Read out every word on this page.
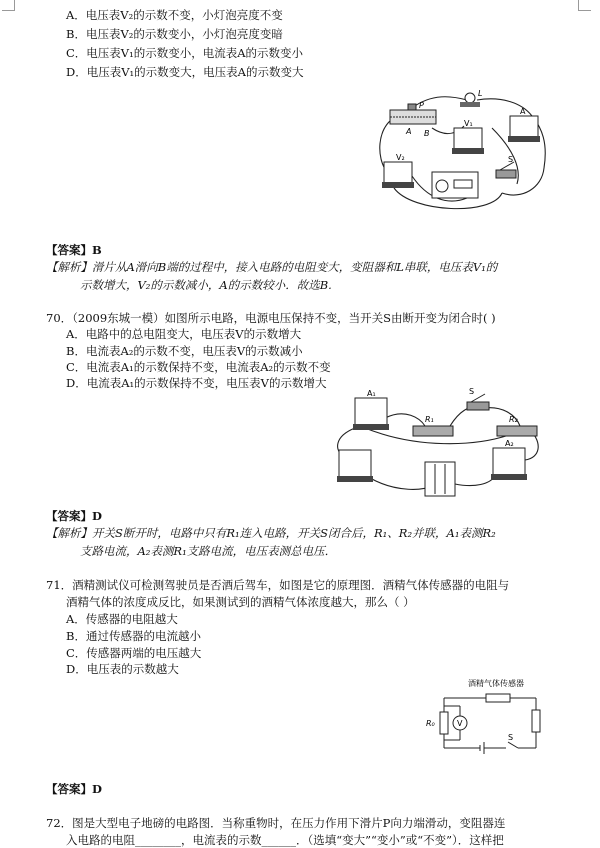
A．电压表V₂的示数不变，小灯泡亮度不变
B．电压表V₂的示数变小，小灯泡亮度变暗
C．电压表V₁的示数变小，电流表A的示数变小
D．电压表V₁的示数变大，电压表A的示数变大
P
A B
L
A
V₁
V₂	S
【答案】B
【解析】滑片从A滑向B端的过程中，接入电路的电阻变大，变阻器和L串联，电压表V₁的
示数增大，V₂的示数减小，A的示数较小．故选B.
70．（2009东城一模）如图所示电路，电源电压保持不变，当开关S由断开变为闭合时( )
A．电路中的总电阻变大，电压表V的示数增大
B．电流表A₂的示数不变，电压表V的示数减小
C．电流表A₁的示数保持不变，电流表A₂的示数不变
D．电流表A₁的示数保持不变，电压表V的示数增大
A₁
R₁
S
R₂
A₂
【答案】D
【解析】开关S断开时，电路中只有R₁连入电路，开关S闭合后，R₁、R₂并联，A₁表测R₂
支路电流，A₂表测R₁支路电流，电压表测总电压．
71．酒精测试仪可检测驾驶员是否酒后驾车，如图是它的原理图．酒精气体传感器的电阻与
酒精气体的浓度成反比，如果测试到的酒精气体浓度越大，那么（ ）
A．传感器的电阻越大
B．通过传感器的电流越小
C．传感器两端的电压越大
D．电压表的示数越大
酒精气体传感器
R₀	V
S
【答案】D
72．图是大型电子地磅的电路图．当称重物时，在压力作用下滑片P向力端滑动，变阻器连
入电路的电阻________，电流表的示数______．（选填“变大”“变小”或“不变”）．这样把
